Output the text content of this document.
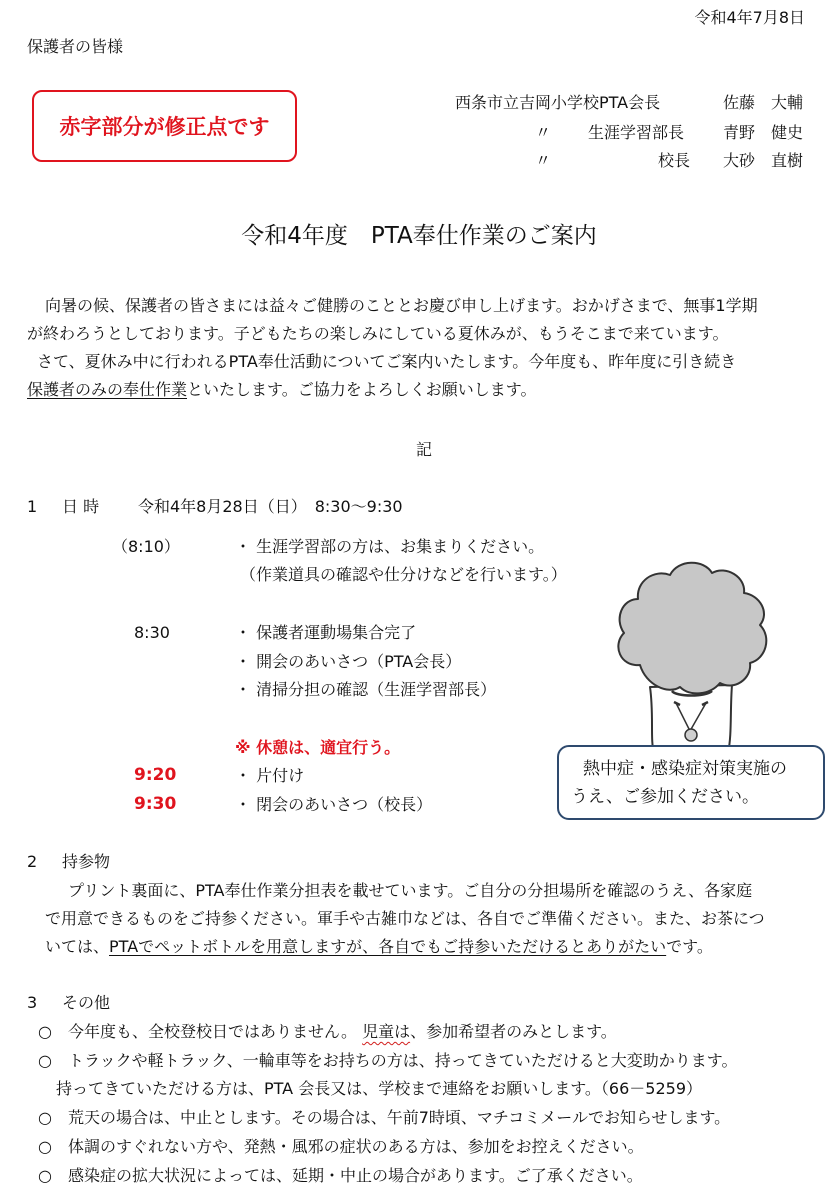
令和4年7月8日
保護者の皆様
赤字部分が修正点です
西条市立吉岡小学校PTA会長	佐藤　大輔
〃 生涯学習部長 青野　健史
〃	校長 大砂　直樹
令和4年度　PTA奉仕作業のご案内
向暑の候、保護者の皆さまには益々ご健勝のこととお慶び申し上げます。おかげさまで、無事1学期
が終わろうとしております。子どもたちの楽しみにしている夏休みが、もうそこまで来ています。
さて、夏休み中に行われるPTA奉仕活動についてご案内いたします。今年度も、昨年度に引き続き
保護者のみの奉仕作業といたします。ご協力をよろしくお願いします。
記
1 日 時 令和4年8月28日（日）　8:30～9:30
（8:10）	・ 生涯学習部の方は、お集まりください。
（作業道具の確認や仕分けなどを行います。）
8:30	・ 保護者運動場集合完了
・ 開会のあいさつ（PTA会長）
・ 清掃分担の確認（生涯学習部長）
※ 休憩は、適宜行う。
9:20	・ 片付け
9:30	・ 閉会のあいさつ（校長）
熱中症・感染症対策実施の
うえ、ご参加ください。
2 持参物
プリント裏面に、PTA奉仕作業分担表を載せています。ご自分の分担場所を確認のうえ、各家庭
で用意できるものをご持参ください。軍手や古雑巾などは、各自でご準備ください。また、お茶につ
いては、PTAでペットボトルを用意しますが、各自でもご持参いただけるとありがたいです。
3 その他
○ 今年度も、全校登校日ではありません。 児童は、参加希望者のみとします。
○ トラックや軽トラック、一輪車等をお持ちの方は、持ってきていただけると大変助かります。
持ってきていただける方は、PTA 会長又は、学校まで連絡をお願いします。（66－5259）
○ 荒天の場合は、中止とします。その場合は、午前7時頃、マチコミメールでお知らせします。
○ 体調のすぐれない方や、発熱・風邪の症状のある方は、参加をお控えください。
○ 感染症の拡大状況によっては、延期・中止の場合があります。ご了承ください。
